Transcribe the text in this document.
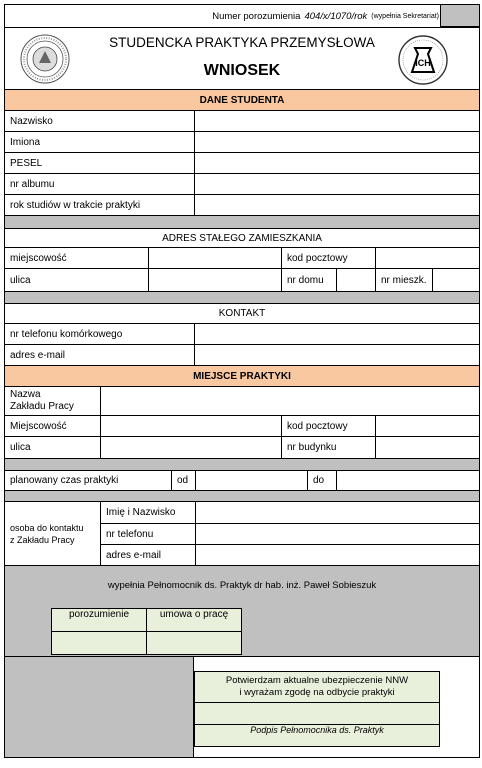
Numer porozumienia 404/x/1070/rok (wypełnia Sekretariat)
STUDENCKA PRAKTYKA PRZEMYSŁOWA
WNIOSEK	ICH
DANE STUDENTA
Nazwisko
Imiona
PESEL
nr albumu
rok studiów w trakcie praktyki
ADRES STAŁEGO ZAMIESZKANIA
miejscowość	kod pocztowy
ulica	nr domu	nr mieszk.
KONTAKT
nr telefonu komórkowego
adres e-mail
MIEJSCE PRAKTYKI
Nazwa
Zakładu Pracy
Miejscowość	kod pocztowy
ulica	nr budynku
planowany czas praktyki	od	do
osoba do kontaktu
z Zakładu Pracy
Imię i Nazwisko
nr telefonu
adres e-mail
wypełnia Pełnomocnik ds. Praktyk dr hab. inż. Paweł Sobieszuk
porozumienie	umowa o pracę
Potwierdzam aktualne ubezpieczenie NNW
i wyrażam zgodę na odbycie praktyki
Podpis Pełnomocnika ds. Praktyk
